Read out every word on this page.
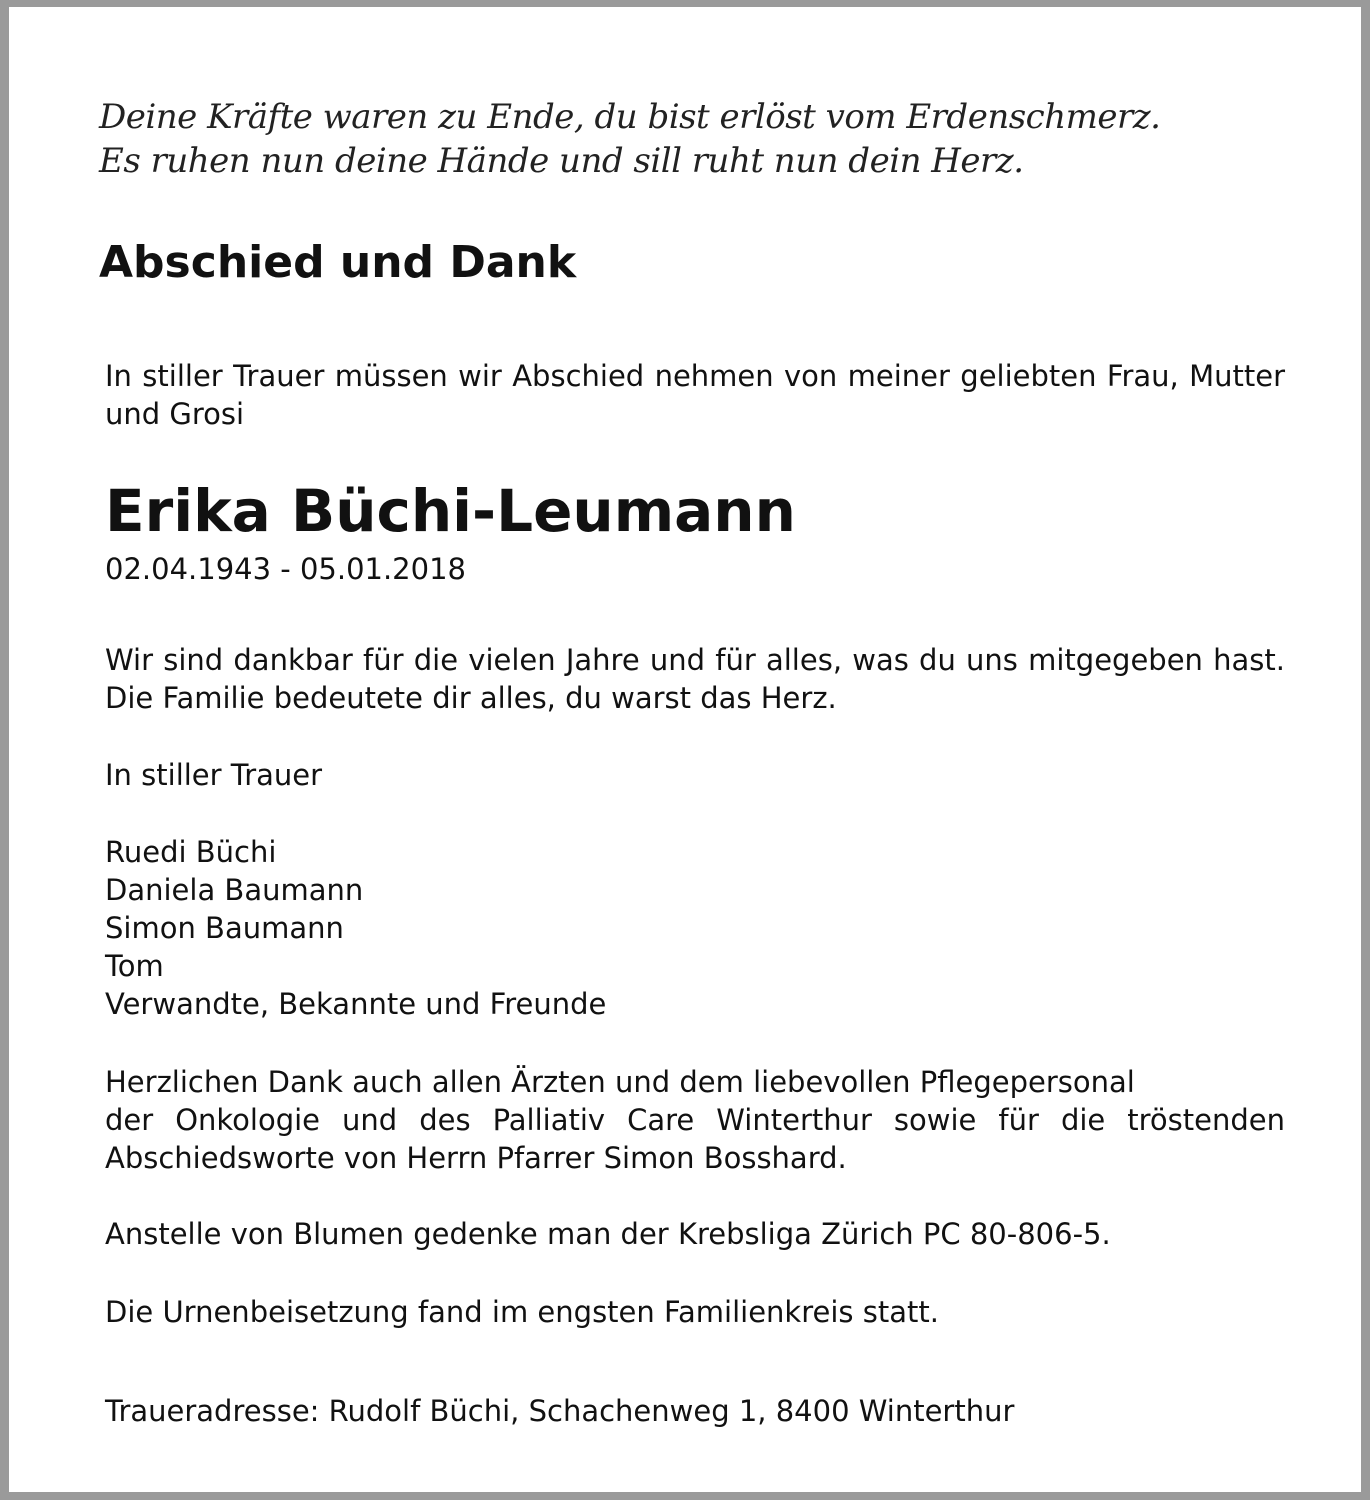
Deine Kräfte waren zu Ende, du bist erlöst vom Erdenschmerz.
Es ruhen nun deine Hände und sill ruht nun dein Herz.
Abschied und Dank
In stiller Trauer müssen wir Abschied nehmen von meiner geliebten Frau, Mutter und Grosi
Erika Büchi-Leumann
02.04.1943 - 05.01.2018
Wir sind dankbar für die vielen Jahre und für alles, was du uns mitgegeben hast. Die Familie bedeutete dir alles, du warst das Herz.
In stiller Trauer
Ruedi Büchi
Daniela Baumann
Simon Baumann
Tom
Verwandte, Bekannte und Freunde
Herzlichen Dank auch allen Ärzten und dem liebevollen Pflegepersonal
der Onkologie und des Palliativ Care Winterthur sowie für die tröstenden Abschiedsworte von Herrn Pfarrer Simon Bosshard.
Anstelle von Blumen gedenke man der Krebsliga Zürich PC 80-806-5.
Die Urnenbeisetzung fand im engsten Familienkreis statt.
Traueradresse: Rudolf Büchi, Schachenweg 1, 8400 Winterthur
